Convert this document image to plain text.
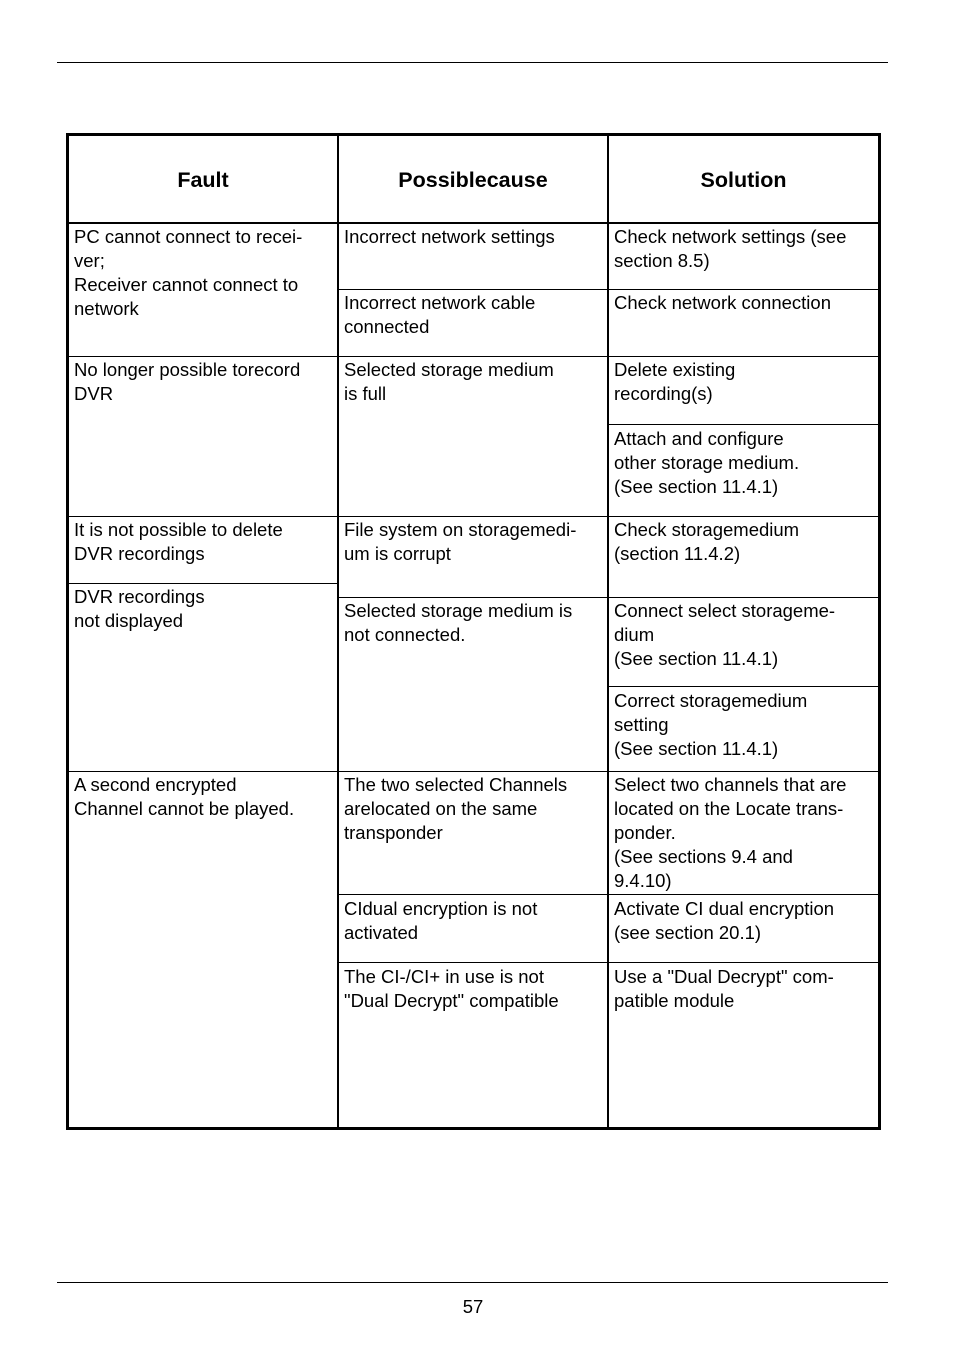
Fault	Possiblecause	Solution
PC cannot connect to recei-
ver;
Receiver cannot connect to
network
No longer possible torecord
DVR
It is not possible to delete
DVR recordings
DVR recordings
not displayed
A second encrypted
Channel cannot be played.
Incorrect network settings
Incorrect network cable
connected
Selected storage medium
is full
File system on storagemedi-
um is corrupt
Selected storage medium is
not connected.
The two selected Channels
arelocated on the same
transponder
CIdual encryption is not
activated
The CI-/CI+ in use is not
"Dual Decrypt" compatible
Check network settings (see
section 8.5)
Check network connection
Delete existing
recording(s)
Attach and configure
other storage medium.
(See section 11.4.1)
Check storagemedium
(section 11.4.2)
Connect select storageme-
dium
(See section 11.4.1)
Correct storagemedium
setting
(See section 11.4.1)
Select two channels that are
located on the Locate trans-
ponder.
(See sections 9.4 and
9.4.10)
Activate CI dual encryption
(see section 20.1)
Use a "Dual Decrypt" com-
patible module
57
